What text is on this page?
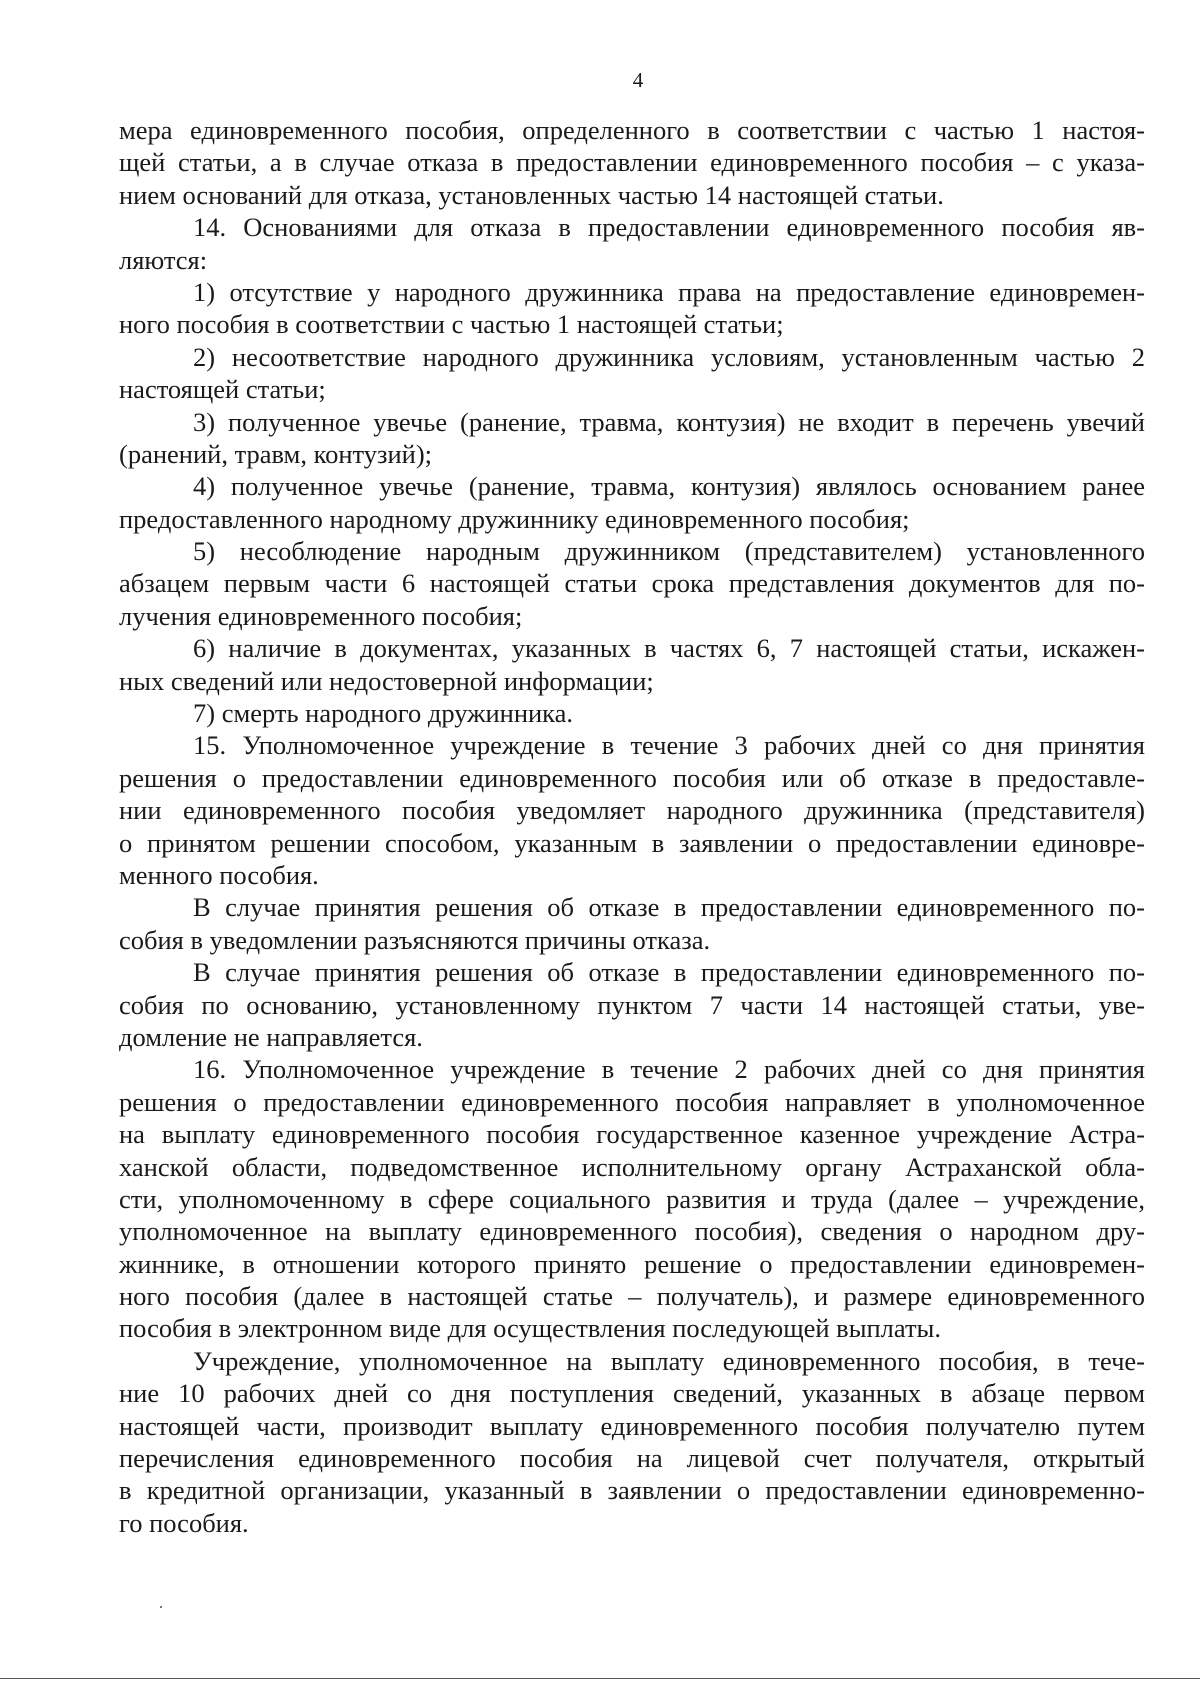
4
мера единовременного пособия, определенного в соответствии с частью 1 настоя-
щей статьи, а в случае отказа в предоставлении единовременного пособия – с указа-
нием оснований для отказа, установленных частью 14 настоящей статьи.
14. Основаниями для отказа в предоставлении единовременного пособия яв-
ляются:
1) отсутствие у народного дружинника права на предоставление единовремен-
ного пособия в соответствии с частью 1 настоящей статьи;
2) несоответствие народного дружинника условиям, установленным частью 2
настоящей статьи;
3) полученное увечье (ранение, травма, контузия) не входит в перечень увечий
(ранений, травм, контузий);
4) полученное увечье (ранение, травма, контузия) являлось основанием ранее
предоставленного народному дружиннику единовременного пособия;
5) несоблюдение народным дружинником (представителем) установленного
абзацем первым части 6 настоящей статьи срока представления документов для по-
лучения единовременного пособия;
6) наличие в документах, указанных в частях 6, 7 настоящей статьи, искажен-
ных сведений или недостоверной информации;
7) смерть народного дружинника.
15. Уполномоченное учреждение в течение 3 рабочих дней со дня принятия
решения о предоставлении единовременного пособия или об отказе в предоставле-
нии единовременного пособия уведомляет народного дружинника (представителя)
о принятом решении способом, указанным в заявлении о предоставлении единовре-
менного пособия.
В случае принятия решения об отказе в предоставлении единовременного по-
собия в уведомлении разъясняются причины отказа.
В случае принятия решения об отказе в предоставлении единовременного по-
собия по основанию, установленному пунктом 7 части 14 настоящей статьи, уве-
домление не направляется.
16. Уполномоченное учреждение в течение 2 рабочих дней со дня принятия
решения о предоставлении единовременного пособия направляет в уполномоченное
на выплату единовременного пособия государственное казенное учреждение Астра-
ханской области, подведомственное исполнительному органу Астраханской обла-
сти, уполномоченному в сфере социального развития и труда (далее – учреждение,
уполномоченное на выплату единовременного пособия), сведения о народном дру-
жиннике, в отношении которого принято решение о предоставлении единовремен-
ного пособия (далее в настоящей статье – получатель), и размере единовременного
пособия в электронном виде для осуществления последующей выплаты.
Учреждение, уполномоченное на выплату единовременного пособия, в тече-
ние 10 рабочих дней со дня поступления сведений, указанных в абзаце первом
настоящей части, производит выплату единовременного пособия получателю путем
перечисления единовременного пособия на лицевой счет получателя, открытый
в кредитной организации, указанный в заявлении о предоставлении единовременно-
го пособия.
